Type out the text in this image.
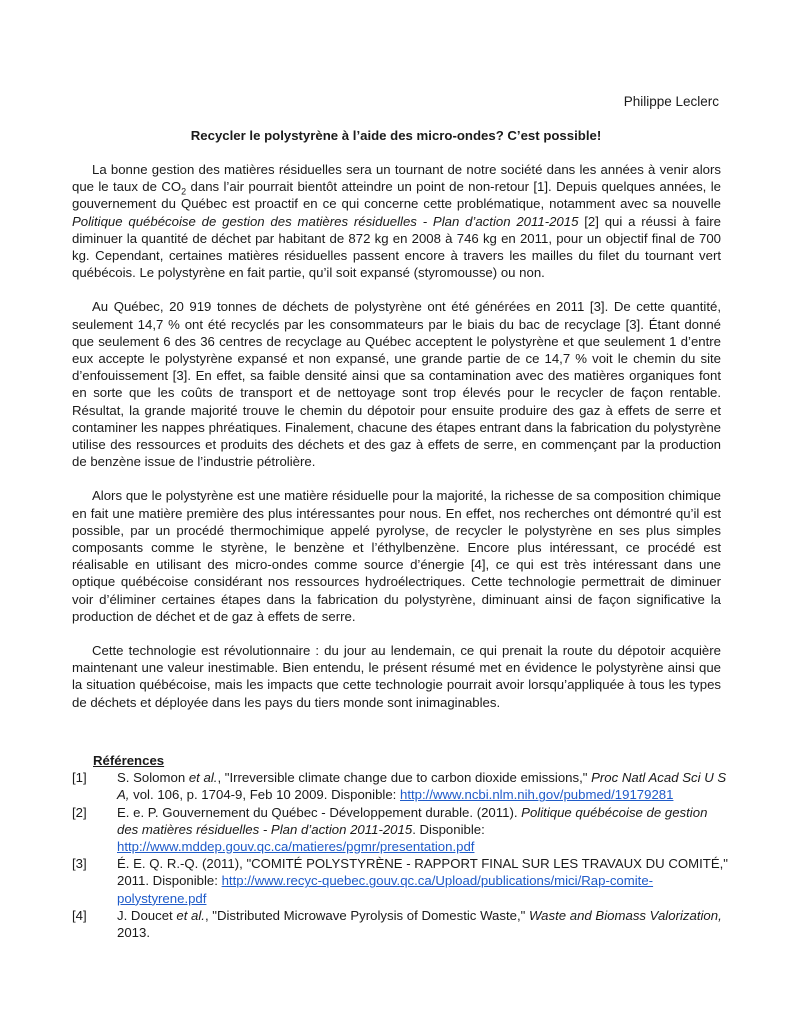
Philippe Leclerc
Recycler le polystyrène à l’aide des micro-ondes? C’est possible!

La bonne gestion des matières résiduelles sera un tournant de notre société dans les années à venir alors que le taux de $CO_2$ dans l’air pourrait bientôt atteindre un point de non-retour [1]. Depuis quelques années, le gouvernement du Québec est proactif en ce qui concerne cette problématique, notamment avec sa nouvelle Politique québécoise de gestion des matières résiduelles - Plan d’action 2011-2015 [2] qui a réussi à faire diminuer la quantité de déchet par habitant de 872 kg en 2008 à 746 kg en 2011, pour un objectif final de 700 kg. Cependant, certaines matières résiduelles passent encore à travers les mailles du filet du tournant vert québécois. Le polystyrène en fait partie, qu’il soit expansé (styromousse) ou non.

Au Québec, 20 919 tonnes de déchets de polystyrène ont été générées en 2011 [3]. De cette quantité, seulement 14,7 % ont été recyclés par les consommateurs par le biais du bac de recyclage [3]. Étant donné que seulement 6 des 36 centres de recyclage au Québec acceptent le polystyrène et que seulement 1 d’entre eux accepte le polystyrène expansé et non expansé, une grande partie de ce 14,7 % voit le chemin du site d’enfouissement [3]. En effet, sa faible densité ainsi que sa contamination avec des matières organiques font en sorte que les coûts de transport et de nettoyage sont trop élevés pour le recycler de façon rentable. Résultat, la grande majorité trouve le chemin du dépotoir pour ensuite produire des gaz à effets de serre et contaminer les nappes phréatiques. Finalement, chacune des étapes entrant dans la fabrication du polystyrène utilise des ressources et produits des déchets et des gaz à effets de serre, en commençant par la production de benzène issue de l’industrie pétrolière.

Alors que le polystyrène est une matière résiduelle pour la majorité, la richesse de sa composition chimique en fait une matière première des plus intéressantes pour nous. En effet, nos recherches ont démontré qu’il est possible, par un procédé thermochimique appelé pyrolyse, de recycler le polystyrène en ses plus simples composants comme le styrène, le benzène et l’éthylbenzène. Encore plus intéressant, ce procédé est réalisable en utilisant des micro-ondes comme source d’énergie [4], ce qui est très intéressant dans une optique québécoise considérant nos ressources hydroélectriques. Cette technologie permettrait de diminuer voir d’éliminer certaines étapes dans la fabrication du polystyrène, diminuant ainsi de façon significative la production de déchet et de gaz à effets de serre.

Cette technologie est révolutionnaire : du jour au lendemain, ce qui prenait la route du dépotoir acquière maintenant une valeur inestimable. Bien entendu, le présent résumé met en évidence le polystyrène ainsi que la situation québécoise, mais les impacts que cette technologie pourrait avoir lorsqu’appliquée à tous les types de déchets et déployée dans les pays du tiers monde sont inimaginables.

Références
[1]	S. Solomon et al., "Irreversible climate change due to carbon dioxide emissions," Proc Natl Acad Sci U S A, vol. 106, p. 1704-9, Feb 10 2009. Disponible: http://www.ncbi.nlm.nih.gov/pubmed/19179281
[2]	E. e. P. Gouvernement du Québec - Développement durable. (2011). Politique québécoise de gestion des matières résiduelles - Plan d’action 2011-2015. Disponible:
http://www.mddep.gouv.qc.ca/matieres/pgmr/presentation.pdf
[3]	É. E. Q. R.-Q. (2011), "COMITÉ POLYSTYRÈNE - RAPPORT FINAL SUR LES TRAVAUX DU COMITÉ," 2011. Disponible: http://www.recyc-quebec.gouv.qc.ca/Upload/publications/mici/Rap-comite-polystyrene.pdf
[4]	J. Doucet et al., "Distributed Microwave Pyrolysis of Domestic Waste," Waste and Biomass Valorization, 2013.
